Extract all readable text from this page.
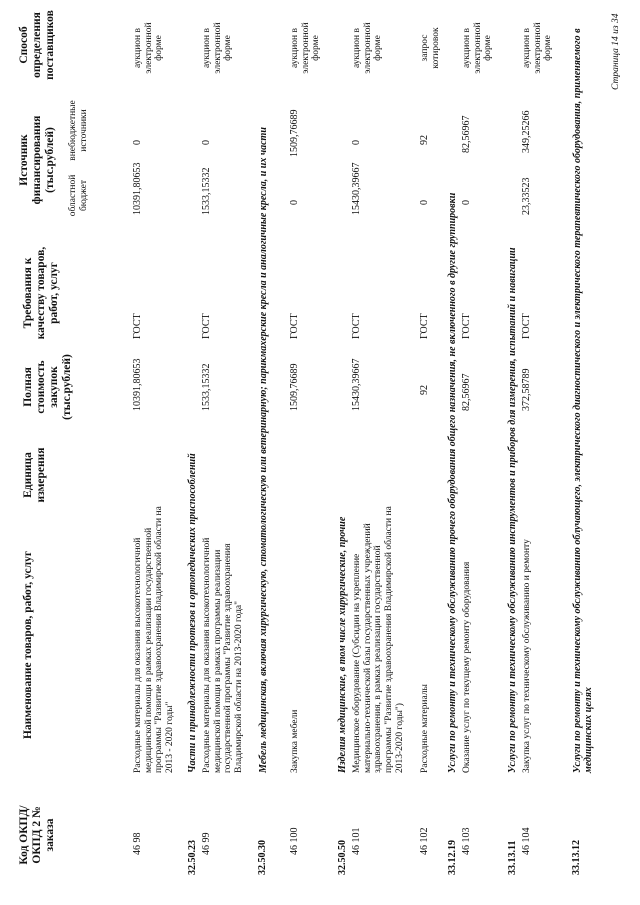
Код ОКПД/ ОКПД 2 № заказа
Наименование товаров, работ, услуг
Единица измерения
Полная стоимость закупок (тыс.рублей)
Требования к качеству товаров, работ, услуг
Источник финансирования (тыс.рублей)
областной бюджет
внебюджетные источники
Способ определения поставщиков
46 98
Расходные материалы для оказания высокотехнологичной медицинской помощи в рамках реализации государственной программы "Развитие здравоохранения Владимирской области на 2013 - 2020 годы"
10391,80653
ГОСТ
10391,80653
0
аукцион в электронной форме
32.50.23
Части и принадлежности протезов и ортопедических приспособлений
46 99
Расходные материалы для оказания высокотехнологичной медицинской помощи в рамках программы реализации государственной программы "Развитие здравоохранения Владимирской области на 2013-2020 года"
1533,15332
ГОСТ
1533,15332
0
аукцион в электронной форме
32.50.30
Мебель медицинская, включая хирургическую, стоматологическую или ветеринарную; парикмахерские кресла и аналогичные кресла, и их части
46 100
Закупка мебели
1509,76689
ГОСТ
0
1509,76689
аукцион в электронной форме
32.50.50
Изделия медицинские, в том числе хирургические, прочие
46 101
Медицинское оборудование (Субсидии на укрепление материально-технической базы государственных учреждений здравоохранения, в рамках реализации государственной программы "Развитие здравоохранения Владимирской области на 2013-2020 годы")
15430,39667
ГОСТ
15430,39667
0
аукцион в электронной форме
46 102
Расходные материалы
92
ГОСТ
0
92
запрос котировок
33.12.19
Услуги по ремонту и техническому обслуживанию прочего оборудования общего назначения, не включенного в другие группировки
46 103
Оказание услуг по текущему ремонту оборудования
82,56967
ГОСТ
0
82,56967
аукцион в электронной форме
33.13.11
Услуги по ремонту и техническому обслуживанию инструментов и приборов для измерения, испытаний и навигации
46 104
Закупка услуг по техническому обслуживанию и ремонту
372,58789
ГОСТ
23,33523
349,25266
аукцион в электронной форме
33.13.12
Услуги по ремонту и техническому обслуживанию облучающего, электрического диагностического и электрического терапевтического оборудования, применяемого в медицинских целях
Страница 14 из 34
